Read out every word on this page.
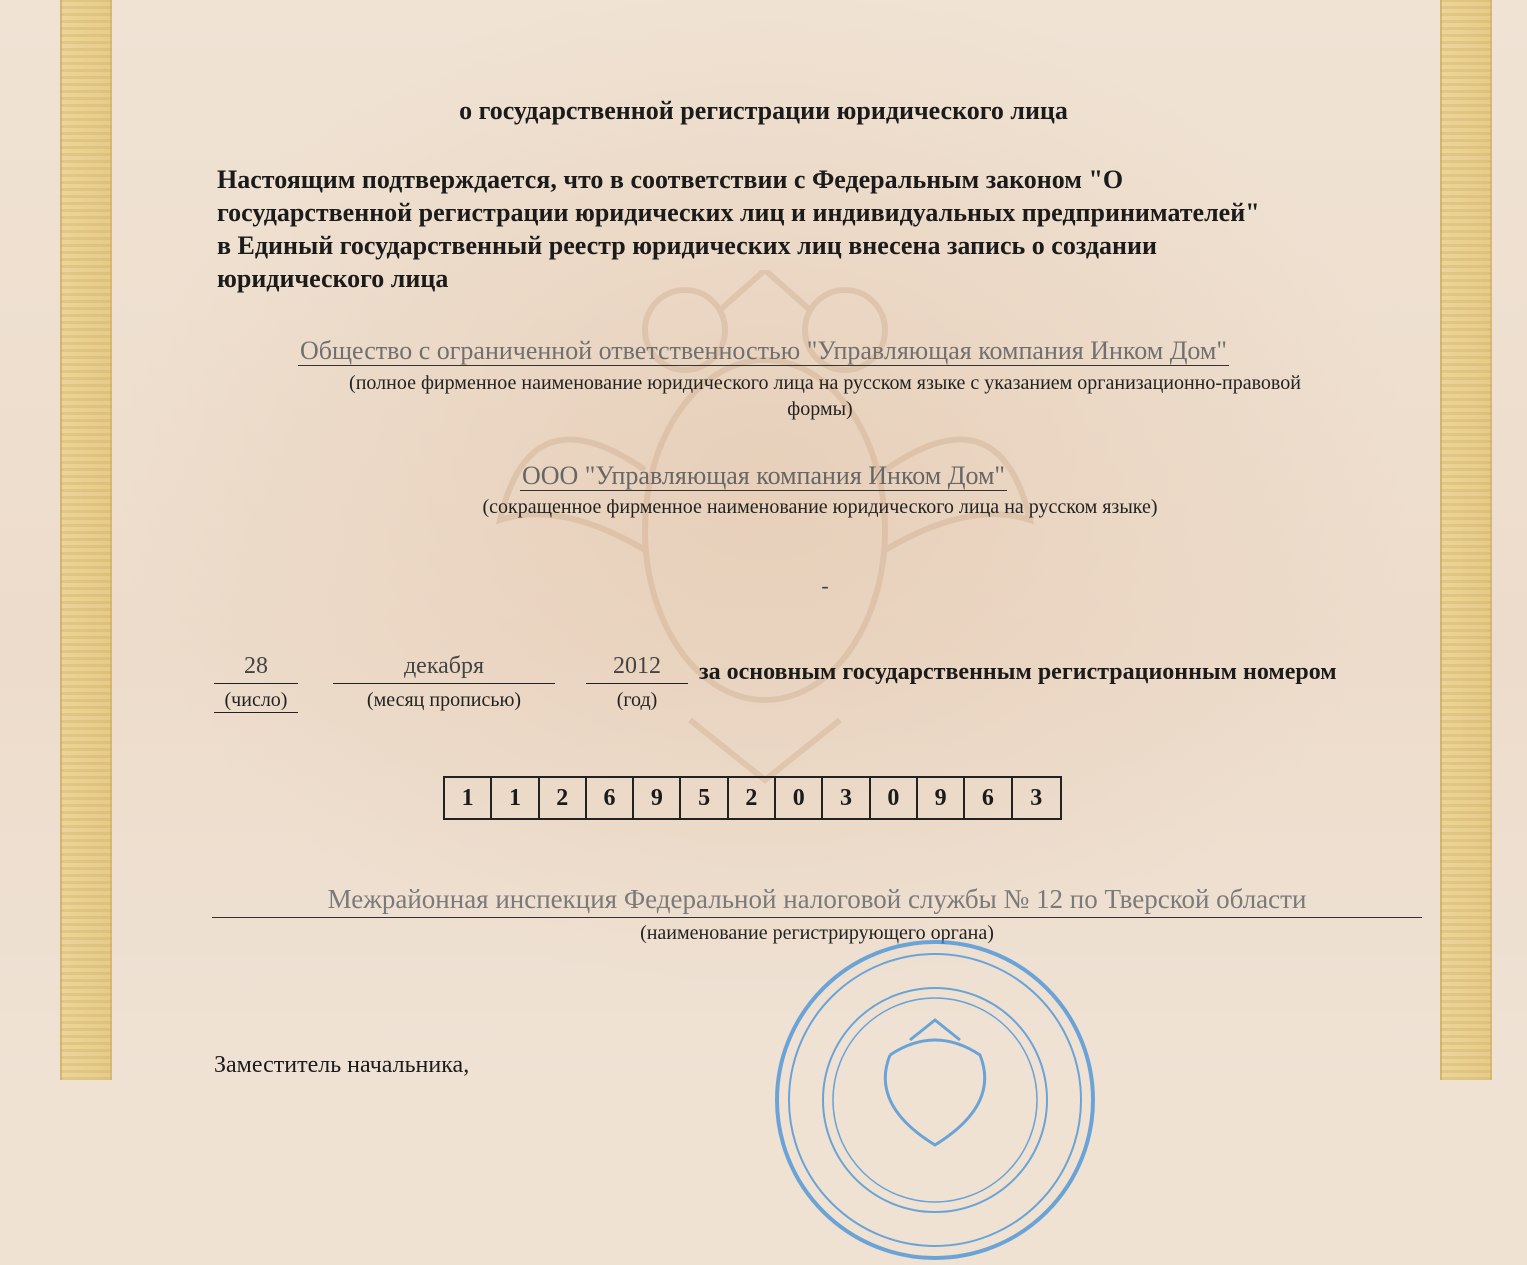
о государственной регистрации юридического лица
Настоящим подтверждается, что в соответствии с Федеральным законом "О
государственной регистрации юридических лиц и индивидуальных предпринимателей"
в Единый государственный реестр юридических лиц внесена запись о создании
юридического лица
Общество с ограниченной ответственностью "Управляющая компания Инком Дом"
(полное фирменное наименование юридического лица на русском языке с указанием организационно-правовой
формы)
ООО "Управляющая компания Инком Дом"
(сокращенное фирменное наименование юридического лица на русском языке)
-
28
(число)
декабря
(месяц прописью)
2012
(год)
за основным государственным регистрационным номером
1	1	2	6	9	5	2	0	3	0	9	6	3
Межрайонная инспекция Федеральной налоговой службы № 12 по Тверской области
(наименование регистрирующего органа)
Заместитель начальника,
